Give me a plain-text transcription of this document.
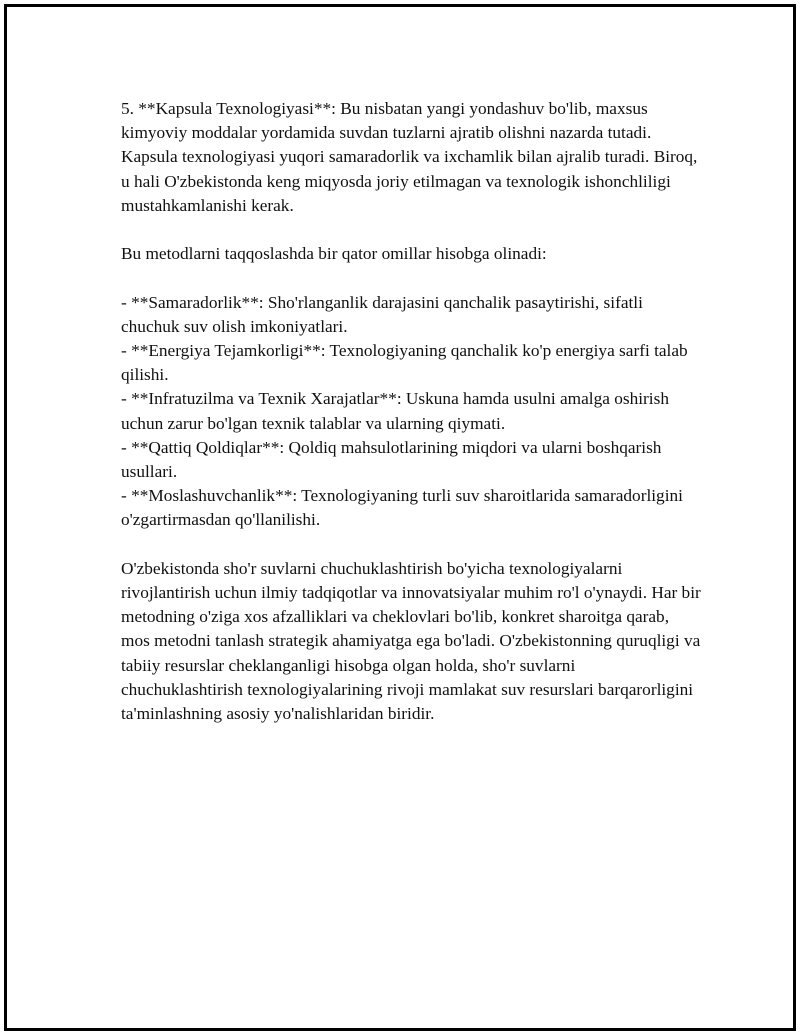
5. **Kapsula Texnologiyasi**: Bu nisbatan yangi yondashuv bo'lib, maxsus kimyoviy moddalar yordamida suvdan tuzlarni ajratib olishni nazarda tutadi. Kapsula texnologiyasi yuqori samaradorlik va ixchamlik bilan ajralib turadi. Biroq, u hali O'zbekistonda keng miqyosda joriy etilmagan va texnologik ishonchliligi mustahkamlanishi kerak.

Bu metodlarni taqqoslashda bir qator omillar hisobga olinadi:

- **Samaradorlik**: Sho'rlanganlik darajasini qanchalik pasaytirishi, sifatli chuchuk suv olish imkoniyatlari.

- **Energiya Tejamkorligi**: Texnologiyaning qanchalik ko'p energiya sarfi talab qilishi.

- **Infratuzilma va Texnik Xarajatlar**: Uskuna hamda usulni amalga oshirish uchun zarur bo'lgan texnik talablar va ularning qiymati.

- **Qattiq Qoldiqlar**: Qoldiq mahsulotlarining miqdori va ularni boshqarish usullari.

- **Moslashuvchanlik**: Texnologiyaning turli suv sharoitlarida samaradorligini o'zgartirmasdan qo'llanilishi.

O'zbekistonda sho'r suvlarni chuchuklashtirish bo'yicha texnologiyalarni rivojlantirish uchun ilmiy tadqiqotlar va innovatsiyalar muhim ro'l o'ynaydi. Har bir metodning o'ziga xos afzalliklari va cheklovlari bo'lib, konkret sharoitga qarab, mos metodni tanlash strategik ahamiyatga ega bo'ladi. O'zbekistonning quruqligi va tabiiy resurslar cheklanganligi hisobga olgan holda, sho'r suvlarni chuchuklashtirish texnologiyalarining rivoji mamlakat suv resurslari barqarorligini ta'minlashning asosiy yo'nalishlaridan biridir.
